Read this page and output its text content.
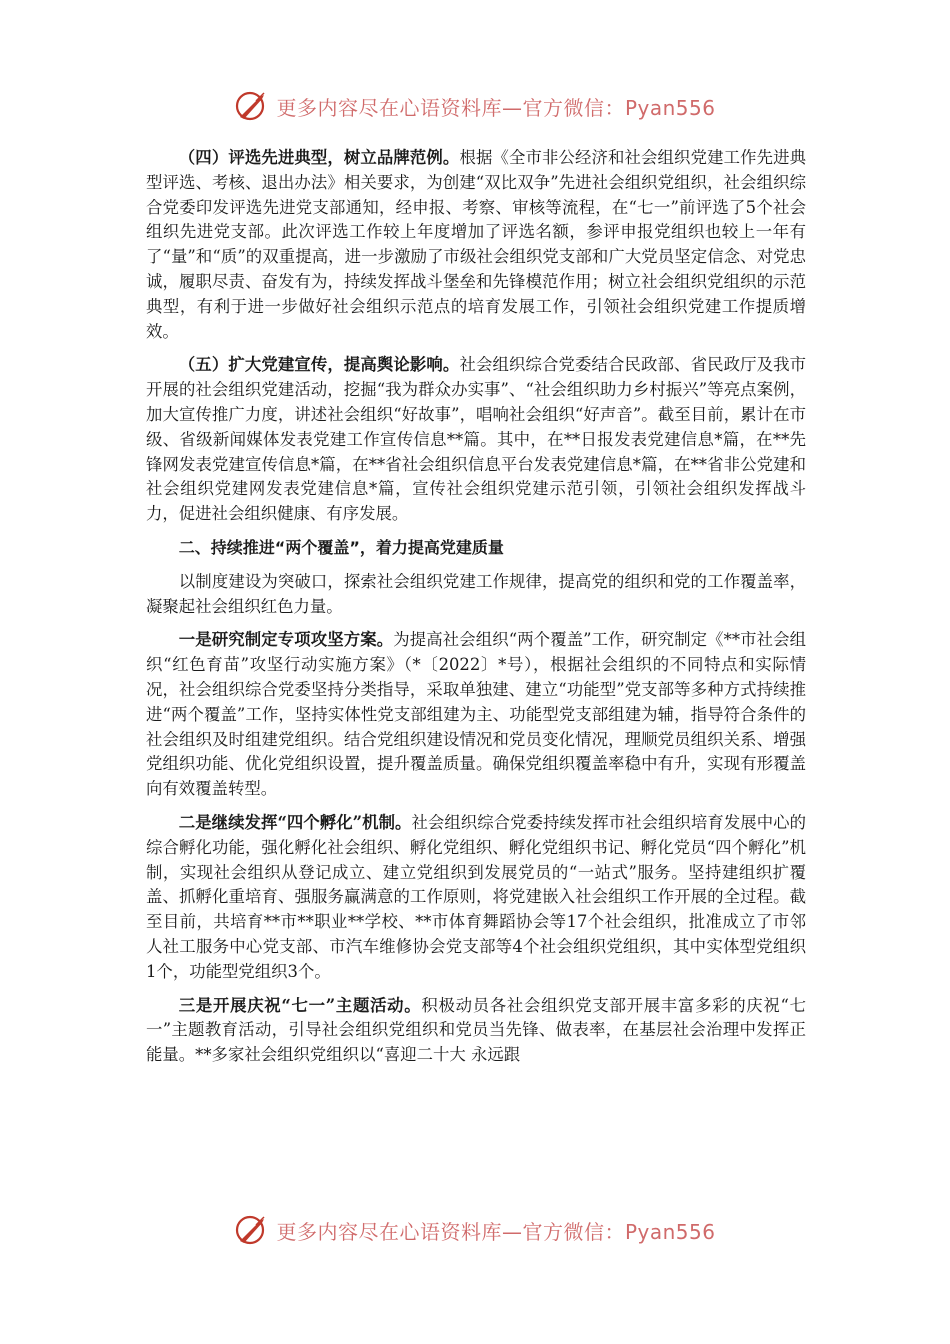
更多内容尽在心语资料库—官方微信：Pyan556

（四）评选先进典型，树立品牌范例。根据《全市非公经济和社会组织党建工作先进典型评选、考核、退出办法》相关要求，为创建“双比双争”先进社会组织党组织，社会组织综合党委印发评选先进党支部通知，经申报、考察、审核等流程，在“七一”前评选了5个社会组织先进党支部。此次评选工作较上年度增加了评选名额，参评申报党组织也较上一年有了“量”和“质”的双重提高，进一步激励了市级社会组织党支部和广大党员坚定信念、对党忠诚，履职尽责、奋发有为，持续发挥战斗堡垒和先锋模范作用；树立社会组织党组织的示范典型，有利于进一步做好社会组织示范点的培育发展工作，引领社会组织党建工作提质增效。

（五）扩大党建宣传，提高舆论影响。社会组织综合党委结合民政部、省民政厅及我市开展的社会组织党建活动，挖掘“我为群众办实事”、“社会组织助力乡村振兴”等亮点案例，加大宣传推广力度，讲述社会组织“好故事”，唱响社会组织“好声音”。截至目前，累计在市级、省级新闻媒体发表党建工作宣传信息**篇。其中，在**日报发表党建信息*篇，在**先锋网发表党建宣传信息*篇，在**省社会组织信息平台发表党建信息*篇，在**省非公党建和社会组织党建网发表党建信息*篇，宣传社会组织党建示范引领，引领社会组织发挥战斗力，促进社会组织健康、有序发展。

二、持续推进“两个覆盖”，着力提高党建质量

以制度建设为突破口，探索社会组织党建工作规律，提高党的组织和党的工作覆盖率，凝聚起社会组织红色力量。

一是研究制定专项攻坚方案。为提高社会组织“两个覆盖”工作，研究制定《**市社会组织“红色育苗”攻坚行动实施方案》（*〔2022〕*号），根据社会组织的不同特点和实际情况，社会组织综合党委坚持分类指导，采取单独建、建立“功能型”党支部等多种方式持续推进“两个覆盖”工作，坚持实体性党支部组建为主、功能型党支部组建为辅，指导符合条件的社会组织及时组建党组织。结合党组织建设情况和党员变化情况，理顺党员组织关系、增强党组织功能、优化党组织设置，提升覆盖质量。确保党组织覆盖率稳中有升，实现有形覆盖向有效覆盖转型。

二是继续发挥“四个孵化”机制。社会组织综合党委持续发挥市社会组织培育发展中心的综合孵化功能，强化孵化社会组织、孵化党组织、孵化党组织书记、孵化党员“四个孵化”机制，实现社会组织从登记成立、建立党组织到发展党员的“一站式”服务。坚持建组织扩覆盖、抓孵化重培育、强服务赢满意的工作原则，将党建嵌入社会组织工作开展的全过程。截至目前，共培育**市**职业**学校、**市体育舞蹈协会等17个社会组织，批准成立了市邻人社工服务中心党支部、市汽车维修协会党支部等4个社会组织党组织，其中实体型党组织1个，功能型党组织3个。

三是开展庆祝“七一”主题活动。积极动员各社会组织党支部开展丰富多彩的庆祝“七一”主题教育活动，引导社会组织党组织和党员当先锋、做表率，在基层社会治理中发挥正能量。**多家社会组织党组织以“喜迎二十大 永远跟

更多内容尽在心语资料库—官方微信：Pyan556
